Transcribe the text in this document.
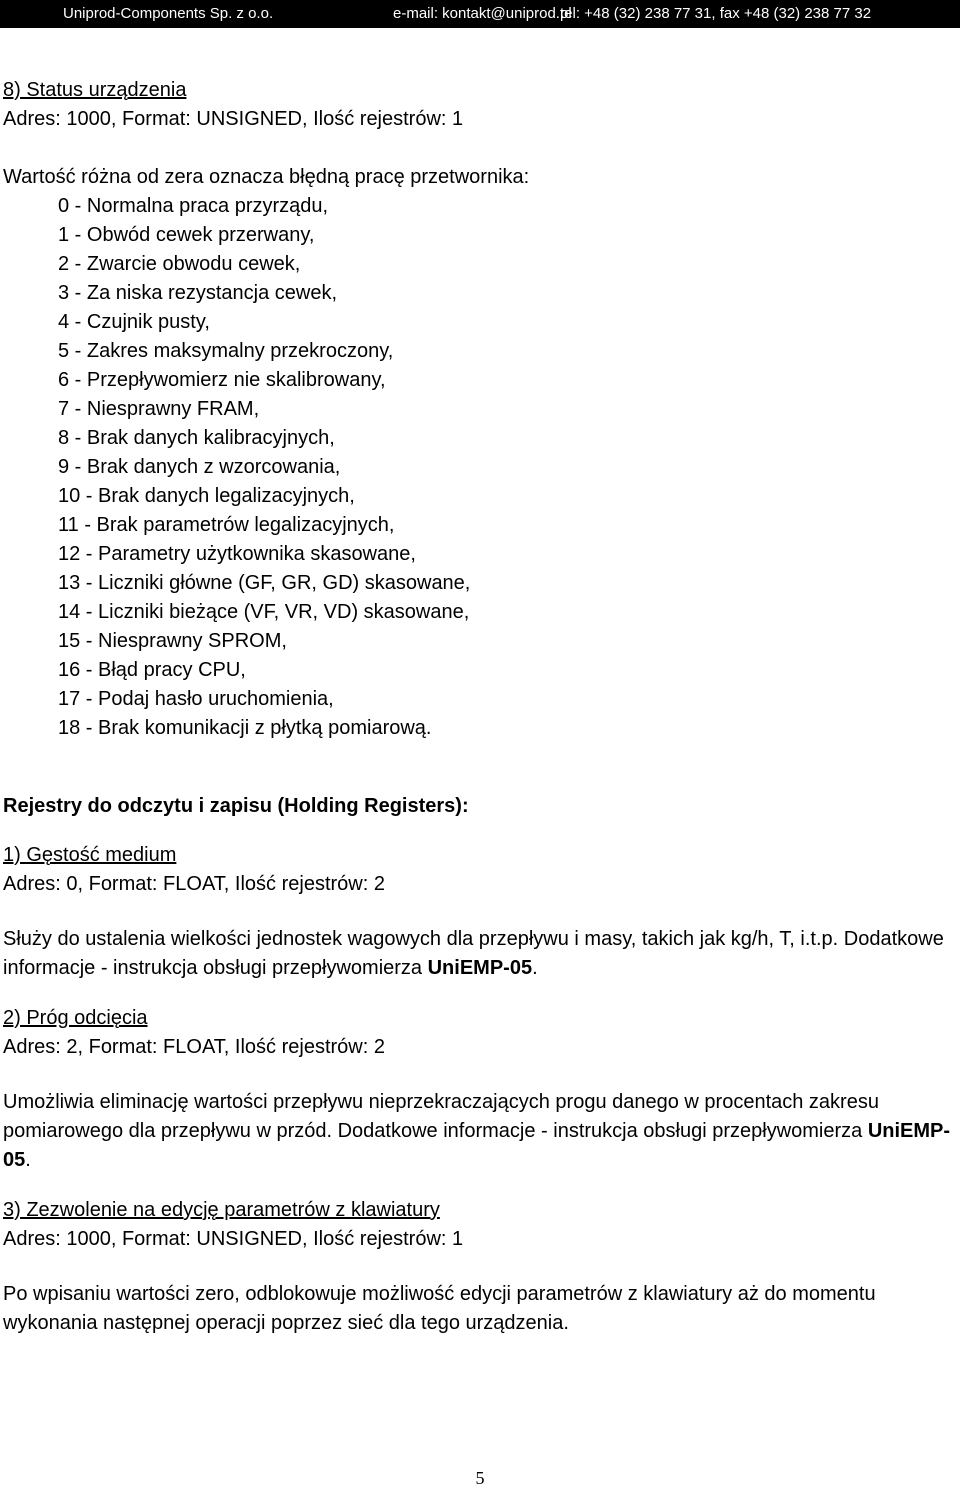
Uniprod-Components Sp. z o.o.	e-mail: kontakt@uniprod.pl
tel: +48 (32) 238 77 31, fax +48 (32) 238 77 32

8) Status urządzenia

Adres: 1000, Format: UNSIGNED, Ilość rejestrów: 1

Wartość różna od zera oznacza błędną pracę przetwornika:

0 - Normalna praca przyrządu,
1 - Obwód cewek przerwany,
2 - Zwarcie obwodu cewek,
3 - Za niska rezystancja cewek,
4 - Czujnik pusty,
5 - Zakres maksymalny przekroczony,
6 - Przepływomierz nie skalibrowany,
7 - Niesprawny FRAM,
8 - Brak danych kalibracyjnych,
9 - Brak danych z wzorcowania,
10 - Brak danych legalizacyjnych,
11 - Brak parametrów legalizacyjnych,
12 - Parametry użytkownika skasowane,
13 - Liczniki główne (GF, GR, GD) skasowane,
14 - Liczniki bieżące (VF, VR, VD) skasowane,
15 - Niesprawny SPROM,
16 - Błąd pracy CPU,
17 - Podaj hasło uruchomienia,
18 - Brak komunikacji z płytką pomiarową.

Rejestry do odczytu i zapisu (Holding Registers):

1) Gęstość medium

Adres: 0, Format: FLOAT, Ilość rejestrów: 2

Służy do ustalenia wielkości jednostek wagowych dla przepływu i masy, takich jak kg/h, T, i.t.p. Dodatkowe informacje - instrukcja obsługi przepływomierza UniEMP-05.

2) Próg odcięcia

Adres: 2, Format: FLOAT, Ilość rejestrów: 2

Umożliwia eliminację wartości przepływu nieprzekraczających progu danego w procentach zakresu pomiarowego dla przepływu w przód. Dodatkowe informacje - instrukcja obsługi przepływomierza UniEMP-05.

3) Zezwolenie na edycję parametrów z klawiatury

Adres: 1000, Format: UNSIGNED, Ilość rejestrów: 1

Po wpisaniu wartości zero, odblokowuje możliwość edycji parametrów z klawiatury aż do momentu wykonania następnej operacji poprzez sieć dla tego urządzenia.

5
